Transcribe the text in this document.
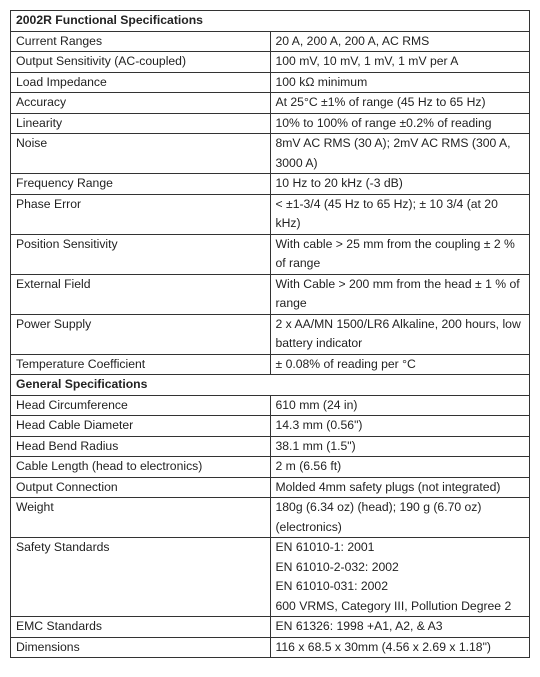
2002R Functional Specifications	
Current Ranges	20 A, 200 A, 200 A, AC RMS
Output Sensitivity (AC-coupled)	100 mV, 10 mV, 1 mV, 1 mV per A
Load Impedance	100 kΩ minimum
Accuracy	At 25°C ±1% of range (45 Hz to 65 Hz)
Linearity	10% to 100% of range ±0.2% of reading
Noise	8mV AC RMS (30 A); 2mV AC RMS (300 A, 3000 A)
Frequency Range	10 Hz to 20 kHz (-3 dB)
Phase Error	< ±1-3/4 (45 Hz to 65 Hz); ± 10 3/4 (at 20 kHz)
Position Sensitivity	With cable > 25 mm from the coupling ± 2 % of range
External Field	With Cable > 200 mm from the head ± 1 % of range
Power Supply	2 x AA/MN 1500/LR6 Alkaline, 200 hours, low battery indicator
Temperature Coefficient	± 0.08% of reading per °C
General Specifications	
Head Circumference	610 mm (24 in)
Head Cable Diameter	14.3 mm (0.56")
Head Bend Radius	38.1 mm (1.5")
Cable Length (head to electronics)	2 m (6.56 ft)
Output Connection	Molded 4mm safety plugs (not integrated)
Weight	180g (6.34 oz) (head); 190 g (6.70 oz) (electronics)
Safety Standards	EN 61010-1: 2001
EN 61010-2-032: 2002
EN 61010-031: 2002
600 VRMS, Category III, Pollution Degree 2

EMC Standards	EN 61326: 1998 +A1, A2, & A3
Dimensions	116 x 68.5 x 30mm (4.56 x 2.69 x 1.18")
